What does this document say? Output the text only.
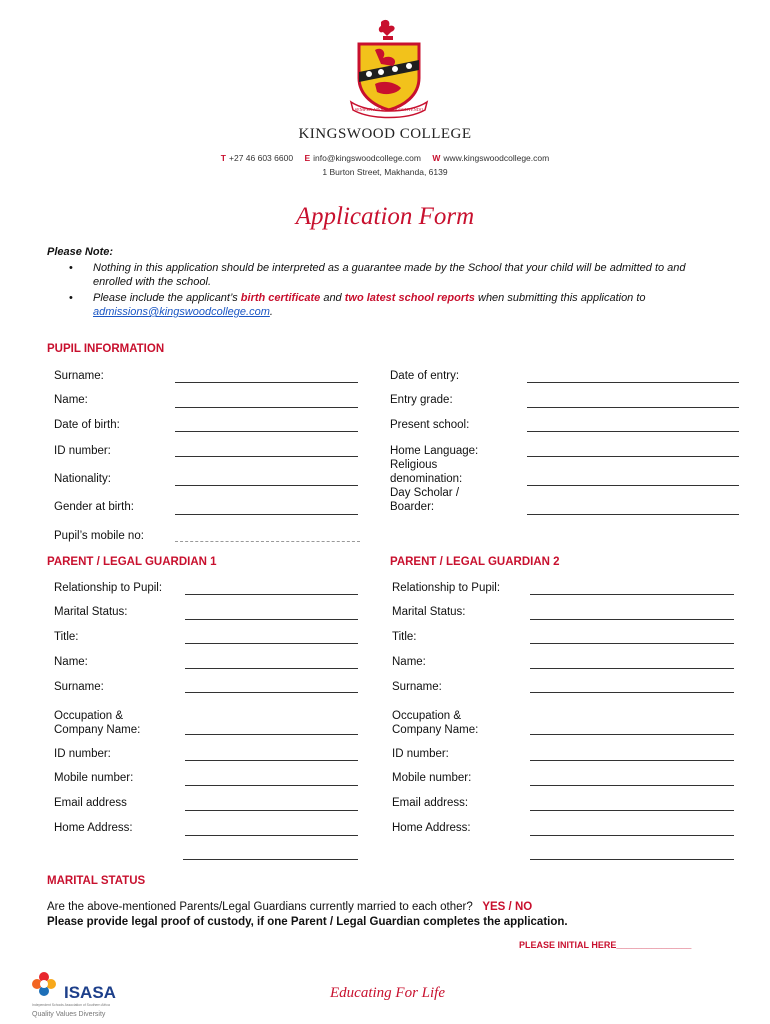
SEMPER AD SUMMA CONTENDO
KINGSWOOD COLLEGE
T +27 46 603 6600 E info@kingswoodcollege.com W www.kingswoodcollege.com
1 Burton Street, Makhanda, 6139
Application Form
Please Note:
• Nothing in this application should be interpreted as a guarantee made by the School that your child will be admitted to and enrolled with the school.
• Please include the applicant’s birth certificate and two latest school reports when submitting this application to admissions@kingswoodcollege.com.
PUPIL INFORMATION
Surname:
Name:
Date of birth:
ID number:
Nationality:
Gender at birth:
Pupil’s mobile no:
Date of entry:
Entry grade:
Present school:
Home Language:
Religious
denomination:
Day Scholar /
Boarder:
PARENT / LEGAL GUARDIAN 1
Relationship to Pupil:
Marital Status:
Title:
Name:
Surname:
Occupation &
Company Name:
ID number:
Mobile number:
Email address
Home Address:
PARENT / LEGAL GUARDIAN 2
Relationship to Pupil:
Marital Status:
Title:
Name:
Surname:
Occupation &
Company Name:
ID number:
Mobile number:
Email address:
Home Address:
MARITAL STATUS
Are the above-mentioned Parents/Legal Guardians currently married to each other? YES / NO
Please provide legal proof of custody, if one Parent / Legal Guardian completes the application.
PLEASE INITIAL HERE_______________
ISASA
Independent Schools Association of Southern Africa
Quality Values Diversity
Educating For Life
